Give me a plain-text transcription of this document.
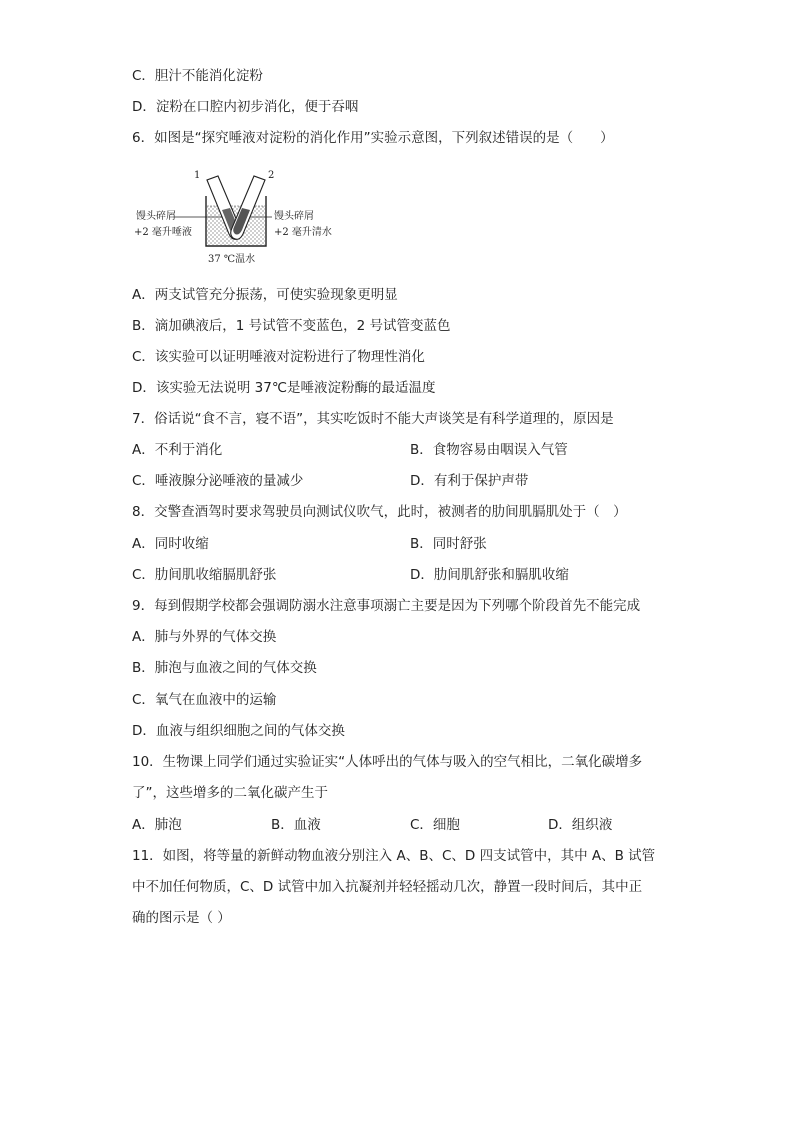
C．胆汁不能消化淀粉
D．淀粉在口腔内初步消化，便于吞咽
6．如图是“探究唾液对淀粉的消化作用”实验示意图，下列叙述错误的是（　　）
1	2
馒头碎屑
+2 毫升唾液
馒头碎屑
+2 毫升清水
37 ℃温水
A．两支试管充分振荡，可使实验现象更明显
B．滴加碘液后，1 号试管不变蓝色，2 号试管变蓝色
C．该实验可以证明唾液对淀粉进行了物理性消化
D．该实验无法说明 37℃是唾液淀粉酶的最适温度
7．俗话说“食不言，寝不语”，其实吃饭时不能大声谈笑是有科学道理的，原因是
A．不利于消化	B．食物容易由咽误入气管
C．唾液腺分泌唾液的量减少	D．有利于保护声带
8．交警查酒驾时要求驾驶员向测试仪吹气，此时，被测者的肋间肌膈肌处于（　）
A．同时收缩	B．同时舒张
C．肋间肌收缩膈肌舒张	D．肋间肌舒张和膈肌收缩
9．每到假期学校都会强调防溺水注意事项溺亡主要是因为下列哪个阶段首先不能完成
A．肺与外界的气体交换
B．肺泡与血液之间的气体交换
C．氧气在血液中的运输
D．血液与组织细胞之间的气体交换
10．生物课上同学们通过实验证实“人体呼出的气体与吸入的空气相比，二氧化碳增多
了”，这些增多的二氧化碳产生于
A．肺泡	B．血液	C．细胞	D．组织液
11．如图，将等量的新鲜动物血液分别注入 A、B、C、D 四支试管中，其中 A、B 试管
中不加任何物质，C、D 试管中加入抗凝剂并轻轻摇动几次，静置一段时间后，其中正
确的图示是（ ）
